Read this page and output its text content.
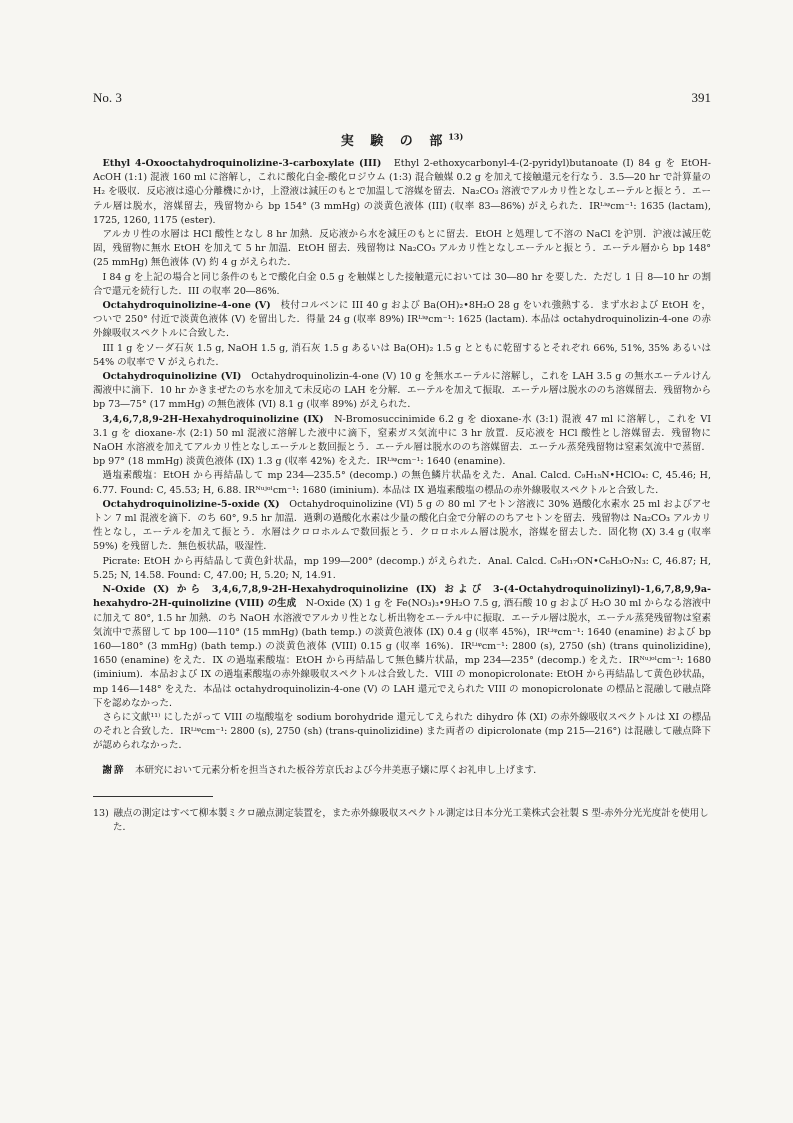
No. 3	391
実 験 の 部$^{13)}$

Ethyl 4-Oxooctahydroquinolizine-3-carboxylate (III)　Ethyl 2-ethoxycarbonyl-4-(2-pyridyl)butanoate (I) 84 g を EtOH-AcOH (1:1) 混液 160 ml に溶解し，これに酸化白金-酸化ロジウム (1:3) 混合触媒 0.2 g を加えて接触還元を行なう．3.5―20 hr で計算量の H₂ を吸収．反応液は遠心分離機にかけ，上澄液は減圧のもとで加温して溶媒を留去．Na₂CO₃ 溶液でアルカリ性となしエーテルと振とう．エーテル層は脱水，溶媒留去，残留物から bp 154° (3 mmHg) の淡黄色液体 (III) (収率 83―86%) がえられた．IRᴸⁱᵠcm⁻¹: 1635 (lactam), 1725, 1260, 1175 (ester).

アルカリ性の水層は HCl 酸性となし 8 hr 加熱．反応液から水を減圧のもとに留去．EtOH と処理して不溶の NaCl を沪別．沪液は減圧乾固，残留物に無水 EtOH を加えて 5 hr 加温．EtOH 留去．残留物は Na₂CO₃ アルカリ性となしエーテルと振とう．エーテル層から bp 148° (25 mmHg) 無色液体 (V) 約 4 g がえられた．

I 84 g を上記の場合と同じ条件のもとで酸化白金 0.5 g を触媒とした接触還元においては 30―80 hr を要した．ただし 1 日 8―10 hr の割合で還元を続行した．III の収率 20―86%.

Octahydroquinolizine-4-one (V)　枝付コルベンに III 40 g および Ba(OH)₂•8H₂O 28 g をいれ強熱する．まず水および EtOH を，ついで 250° 付近で淡黄色液体 (V) を留出した．得量 24 g (収率 89%) IRᴸⁱᵠcm⁻¹: 1625 (lactam). 本品は octahydroquinolizin-4-one の赤外線吸収スペクトルに合致した．

III 1 g をソーダ石灰 1.5 g, NaOH 1.5 g, 消石灰 1.5 g あるいは Ba(OH)₂ 1.5 g とともに乾留するとそれぞれ 66%, 51%, 35% あるいは 54% の収率で V がえられた．

Octahydroquinolizine (VI)　Octahydroquinolizin-4-one (V) 10 g を無水エーテルに溶解し，これを LAH 3.5 g の無水エーテルけん濁液中に滴下．10 hr かきまぜたのち水を加えて未反応の LAH を分解．エーテルを加えて振取．エーテル層は脱水ののち溶媒留去．残留物から bp 73―75° (17 mmHg) の無色液体 (VI) 8.1 g (収率 89%) がえられた．

3,4,6,7,8,9-2H-Hexahydroquinolizine (IX)　N-Bromosuccinimide 6.2 g を dioxane-水 (3:1) 混液 47 ml に溶解し，これを VI 3.1 g を dioxane-水 (2:1) 50 ml 混液に溶解した液中に滴下，窒素ガス気流中に 3 hr 放置．反応液を HCl 酸性とし溶媒留去．残留物に NaOH 水溶液を加えてアルカリ性となしエーテルと数回振とう．エーテル層は脱水ののち溶媒留去．エーテル蒸発残留物は窒素気流中で蒸留．bp 97° (18 mmHg) 淡黄色液体 (IX) 1.3 g (収率 42%) をえた．IRᴸⁱᵠcm⁻¹: 1640 (enamine).

過塩素酸塩：EtOH から再結晶して mp 234―235.5° (decomp.) の無色鱗片状晶をえた．Anal. Calcd. C₉H₁₅N•HClO₄: C, 45.46; H, 6.77. Found: C, 45.53; H, 6.88. IRᴺᵘʲᵒˡcm⁻¹: 1680 (iminium). 本品は IX 過塩素酸塩の標品の赤外線吸収スペクトルと合致した．

Octahydroquinolizine-5-oxide (X)　Octahydroquinolizine (VI) 5 g の 80 ml アセトン溶液に 30% 過酸化水素水 25 ml およびアセトン 7 ml 混液を滴下．のち 60°, 9.5 hr 加温．過剰の過酸化水素は少量の酸化白金で分解ののちアセトンを留去．残留物は Na₂CO₃ アルカリ性となし，エーテルを加えて振とう．水層はクロロホルムで数回振とう．クロロホルム層は脱水，溶媒を留去した．固化物 (X) 3.4 g (収率 59%) を残留した．無色板状晶，吸湿性．

Picrate: EtOH から再結晶して黄色針状晶，mp 199―200° (decomp.) がえられた．Anal. Calcd. C₉H₁₇ON•C₆H₃O₇N₃: C, 46.87; H, 5.25; N, 14.58. Found: C, 47.00; H, 5.20; N, 14.91.

N-Oxide (X) から 3,4,6,7,8,9-2H-Hexahydroquinolizine (IX) および 3-(4-Octahydroquinolizinyl)-1,6,7,8,9,9a-hexahydro-2H-quinolizine (VIII) の生成　N-Oxide (X) 1 g を Fe(NO₃)₃•9H₂O 7.5 g, 酒石酸 10 g および H₂O 30 ml からなる溶液中に加えて 80°, 1.5 hr 加熱．のち NaOH 水溶液でアルカリ性となし析出物をエーテル中に振取．エーテル層は脱水，エーテル蒸発残留物は窒素気流中で蒸留して bp 100―110° (15 mmHg) (bath temp.) の淡黄色液体 (IX) 0.4 g (収率 45%)，IRᴸⁱᵠcm⁻¹: 1640 (enamine) および bp 160―180° (3 mmHg) (bath temp.) の淡黄色液体 (VIII) 0.15 g (収率 16%)．IRᴸⁱᵠcm⁻¹: 2800 (s), 2750 (sh) (trans quinolizidine), 1650 (enamine) をえた．IX の過塩素酸塩：EtOH から再結晶して無色鱗片状晶，mp 234―235° (decomp.) をえた．IRᴺᵘʲᵒˡcm⁻¹: 1680 (iminium)．本品および IX の過塩素酸塩の赤外線吸収スペクトルは合致した．VIII の monopicrolonate: EtOH から再結晶して黄色砂状晶，mp 146―148° をえた．本品は octahydroquinolizin-4-one (V) の LAH 還元でえられた VIII の monopicrolonate の標品と混融して融点降下を認めなかった．

さらに文献¹¹⁾ にしたがって VIII の塩酸塩を sodium borohydride 還元してえられた dihydro 体 (XI) の赤外線吸収スペクトルは XI の標品のそれと合致した．IRᴸⁱᵠcm⁻¹: 2800 (s), 2750 (sh) (trans-quinolizidine) また両者の dipicrolonate (mp 215―216°) は混融して融点降下が認められなかった．

謝辞　本研究において元素分析を担当された板谷芳京氏および今井美恵子嬢に厚くお礼申し上げます．

13)  融点の測定はすべて柳本製ミクロ融点測定装置を，また赤外線吸収スペクトル測定は日本分光工業株式会社製 S 型-赤外分光光度計を使用した．
